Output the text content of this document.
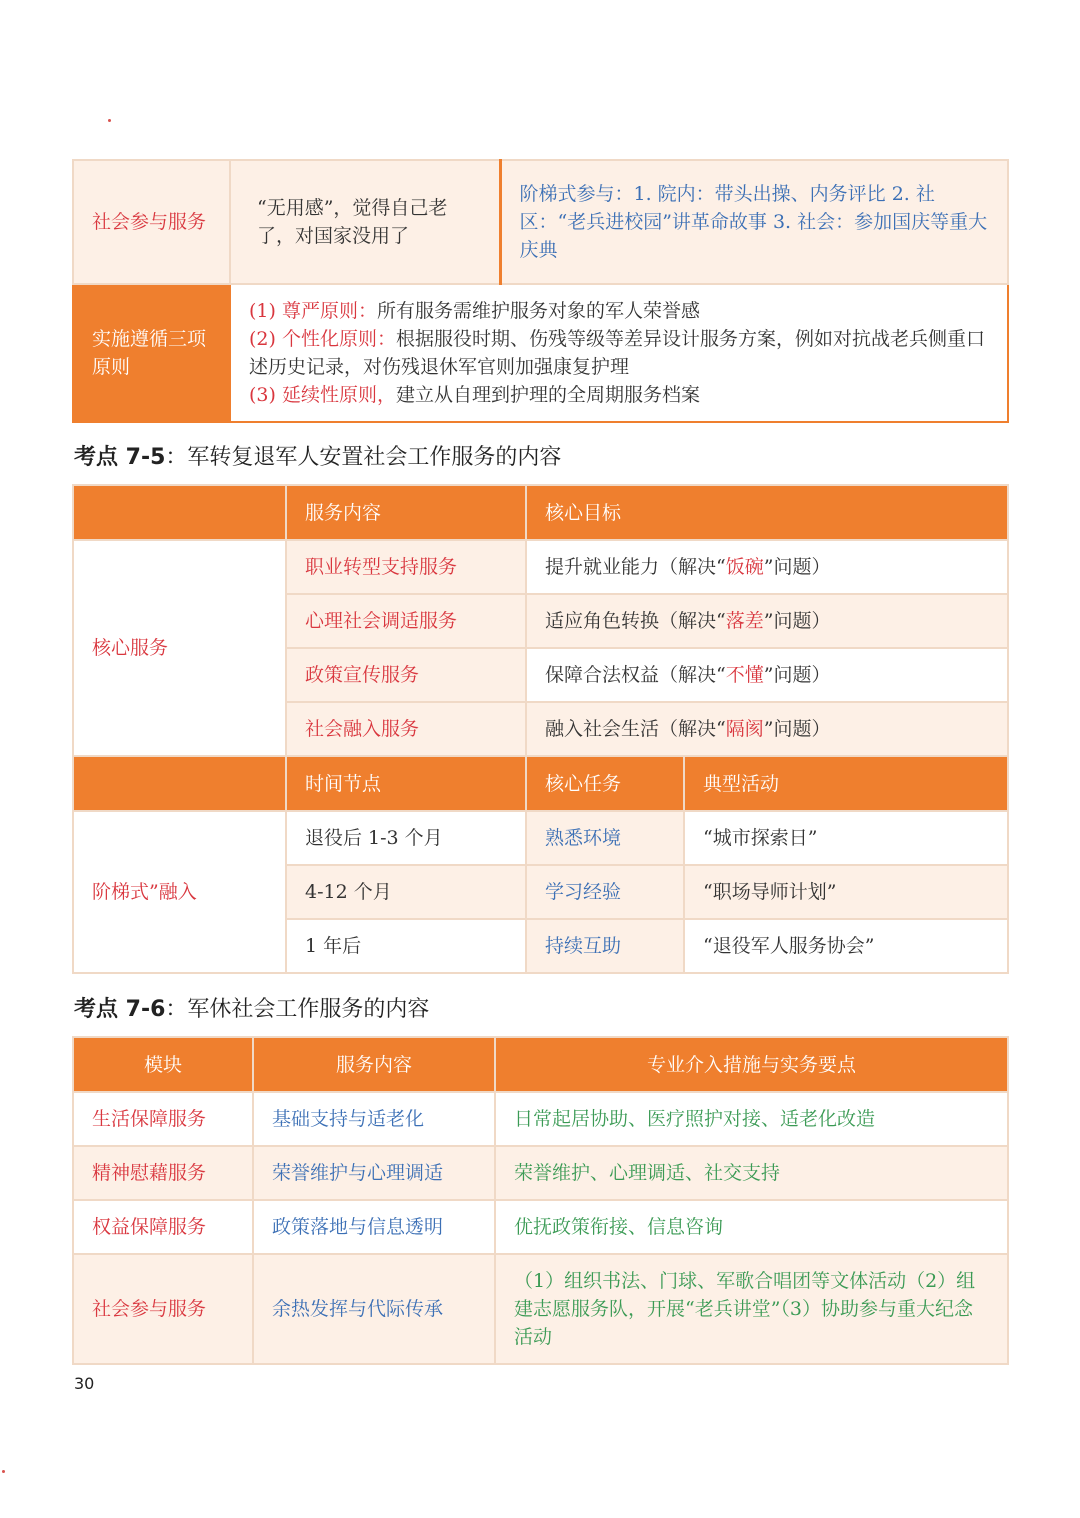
社会参与服务	“无用感”，觉得自己老了，对国家没用了	阶梯式参与：1. 院内：带头出操、内务评比 2. 社区：“老兵进校园”讲革命故事 3. 社会：参加国庆等重大庆典
实施遵循三项原则	(1) 尊严原则：所有服务需维护服务对象的军人荣誉感
(2) 个性化原则：根据服役时期、伤残等级等差异设计服务方案，例如对抗战老兵侧重口述历史记录，对伤残退休军官则加强康复护理
(3) 延续性原则，建立从自理到护理的全周期服务档案	
考点 7-5：军转复退军人安置社会工作服务的内容
	服务内容	核心目标	
核心服务	职业转型支持服务	提升就业能力（解决“饭碗”问题）	
	心理社会调适服务	适应角色转换（解决“落差”问题）	
	政策宣传服务	保障合法权益（解决“不懂”问题）	
	社会融入服务	融入社会生活（解决“隔阂”问题）	
	时间节点	核心任务	典型活动
阶梯式”融入	退役后 1-3 个月	熟悉环境	“城市探索日”
	4-12 个月	学习经验	“职场导师计划”
	1 年后	持续互助	“退役军人服务协会”
考点 7-6：军休社会工作服务的内容
模块	服务内容	专业介入措施与实务要点
生活保障服务	基础支持与适老化	日常起居协助、医疗照护对接、适老化改造
精神慰藉服务	荣誉维护与心理调适	荣誉维护、心理调适、社交支持
权益保障服务	政策落地与信息透明	优抚政策衔接、信息咨询
社会参与服务	余热发挥与代际传承	（1）组织书法、门球、军歌合唱团等文体活动（2）组建志愿服务队，开展“老兵讲堂”（3）协助参与重大纪念活动
30
